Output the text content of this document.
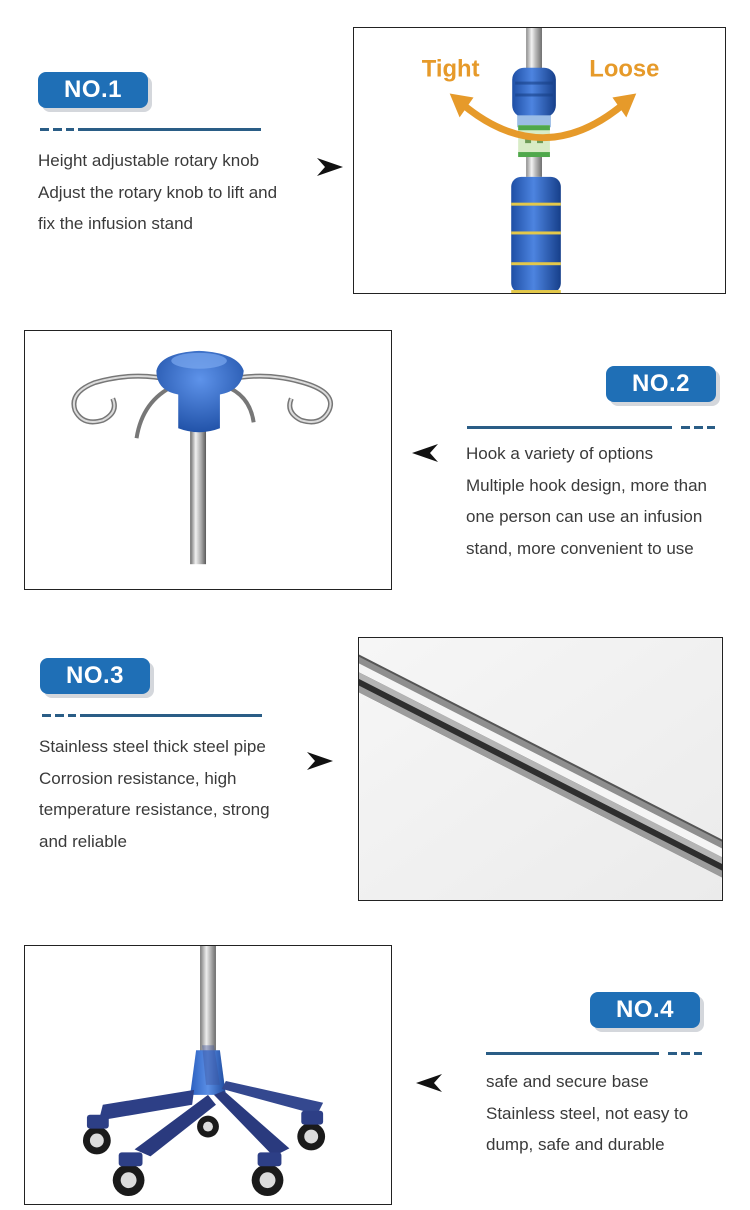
NO.1
Height adjustable rotary knob
Adjust the rotary knob to lift and
fix the infusion stand
Tight	Loose
NO.2
Hook a variety of options
Multiple hook design, more than
one person can use an infusion
stand, more convenient to use
NO.3
Stainless steel thick steel pipe
Corrosion resistance, high
temperature resistance, strong
and reliable
NO.4
safe and secure base
Stainless steel, not easy to
dump, safe and durable
